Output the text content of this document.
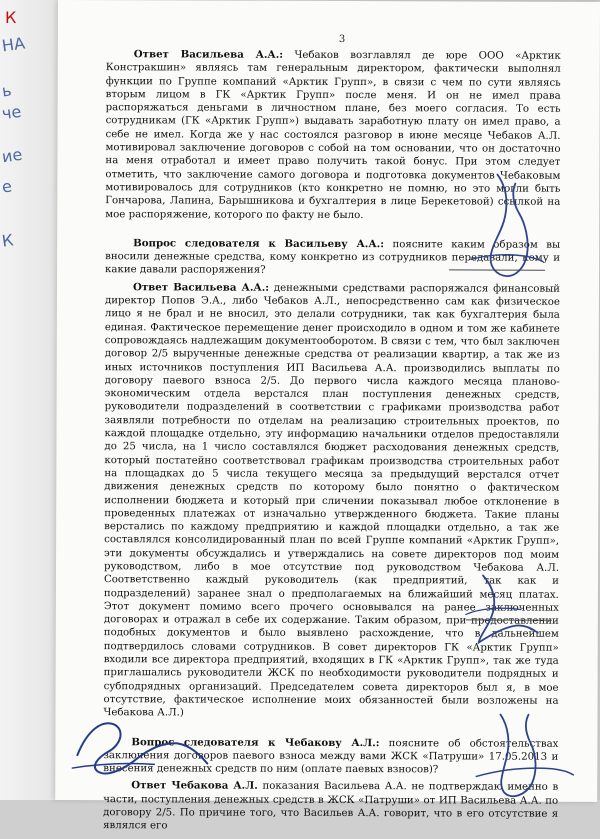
К
НА
ь
че
ие
е
К
3

Ответ Васильева А.А.: Чебаков возглавлял де юре ООО «Арктик Констракшин» являясь там генеральным директором, фактически выполнял функции по Группе компаний «Арктик Групп», в связи с чем по сути являясь вторым лицом в ГК «Арктик Групп» после меня. И он не имел права распоряжаться деньгами в личностном плане, без моего согласия. То есть сотрудникам (ГК «Арктик Групп») выдавать заработную плату он имел право, а себе не имел. Когда же у нас состоялся разговор в июне месяце Чебаков А.Л. мотивировал заключение договоров с собой на том основании, что он достаточно на меня отработал и имеет право получить такой бонус. При этом следует отметить, что заключение самого договора и подготовка документов Чебаковым мотивировалось для сотрудников (кто конкретно не помню, но это могли быть Гончарова, Лапина, Барышникова и бухгалтерия в лице Берекетовой) ссылкой на мое распоряжение, которого по факту не было.

Вопрос следователя к Васильеву А.А.: поясните каким образом вы вносили денежные средства, кому конкретно из сотрудников передавали, кому и какие давали распоряжения?

Ответ Васильева А.А.: денежными средствами распоряжался финансовый директор Попов Э.А., либо Чебаков А.Л., непосредственно сам как физическое лицо я не брал и не вносил, это делали сотрудники, так как бухгалтерия была единая. Фактическое перемещение денег происходило в одном и том же кабинете сопровождаясь надлежащим документооборотом. В связи с тем, что был заключен договор 2/5 вырученные денежные средства от реализации квартир, а так же из иных источников поступления ИП Васильева А.А. производились выплаты по договору паевого взноса 2/5. До первого числа каждого месяца планово-экономическим отдела верстался план поступления денежных средств, руководители подразделений в соответствии с графиками производства работ заявляли потребности по отделам на реализацию строительных проектов, по каждой площадке отдельно, эту информацию начальники отделов предоставляли до 25 числа, на 1 число составлялся бюджет расходования денежных средств, который постатейно соответствовал графикам производства строительных работ на площадках до 5 числа текущего месяца за предыдущий верстался отчет движения денежных средств по которому было понятно о фактическом исполнении бюджета и который при сличении показывал любое отклонение в проведенных платежах от изначально утвержденного бюджета. Такие планы верстались по каждому предприятию и каждой площадки отдельно, а так же составлялся консолидированный план по всей Группе компаний «Арктик Групп», эти документы обсуждались и утверждались на совете директоров под моим руководством, либо в мое отсутствие под руководством Чебакова А.Л. Соответственно каждый руководитель (как предприятий, так как и подразделений) заранее знал о предполагаемых на ближайший месяц платах. Этот документ помимо всего прочего основывался на ранее заключенных договорах и отражал в себе их содержание. Таким образом, при предоставлении подобных документов и было выявлено расхождение, что в дальнейшем подтвердилось словами сотрудников. В совет директоров ГК «Арктик Групп» входили все директора предприятий, входящих в ГК «Арктик Групп», так же туда приглашались руководители ЖСК по необходимости руководители подрядных и субподрядных организаций. Председателем совета директоров был я, в мое отсутствие, фактическое исполнение моих обязанностей были возложены на Чебакова А.Л.)

Вопрос следователя к Чебакову А.Л.: поясните об обстоятельствах заключения договоров паевого взноса между вами ЖСК «Патруши» 17.05.2013 и внесения денежных средств по ним (оплате паевых взносов)?

Ответ Чебакова А.Л. показания Васильева А.А. не подтверждаю именно в части, поступления денежных средств в ЖСК «Патруши» от ИП Васильева А.А. по договору 2/5. По причине того, что Васильев А.А. говорит, что в его отсутствие я являлся его
